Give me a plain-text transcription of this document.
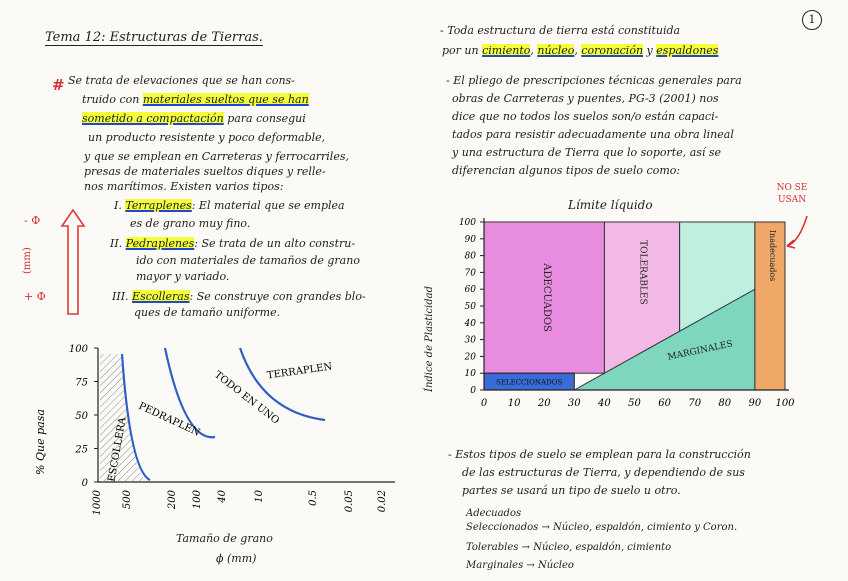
Tema 12: Estructuras de Tierras.
# Se trata de elevaciones que se han cons-
truido con materiales sueltos que se han
sometido a compactación para consegui
un producto resistente y poco deformable,
y que se emplean en Carreteras y ferrocarriles,
presas de materiales sueltos diques y relle-
nos marítimos. Existen varios tipos:
- Φ
(mm)
+ Φ
I. Terraplenes: El material que se emplea
es de grano muy fino.
II. Pedraplenes: Se trata de un alto constru-
ido con materiales de tamaños de grano
mayor y variado.
III. Escolleras: Se construye con grandes blo-
ques de tamaño uniforme.
0
25
50
75
100
% Que pasa
1000 500	200 100 40	10	0.5	0.05 0.02
ESCOLLERA PEDRAPLEN TODO EN UNO
TERRAPLEN
Tamaño de grano
ϕ (mm)
1
- Toda estructura de tierra está constituida
por un cimiento, núcleo, coronación y espaldones
- El pliego de prescripciones técnicas generales para
obras de Carreteras y puentes, PG-3 (2001) nos
dice que no todos los suelos son/o están capaci-
tados para resistir adecuadamente una obra lineal
y una estructura de Tierra que lo soporte, así se
diferencian algunos tipos de suelo como:
Límite líquido
NO SE USAN
Índice de Plasticidad	0
10
20
30
40
50
60
70
80
90
100
0 10 20 30 40 50 60 70 80 90 100
ADECUADOS	TOLERABLES
MARGINALES
Inadecuados
SELECCIONADOS
- Estos tipos de suelo se emplean para la construcción
de las estructuras de Tierra, y dependiendo de sus
partes se usará un tipo de suelo u otro.
Adecuados
Seleccionados → Núcleo, espaldón, cimiento y Coron.
Tolerables → Núcleo, espaldón, cimiento
Marginales → Núcleo
